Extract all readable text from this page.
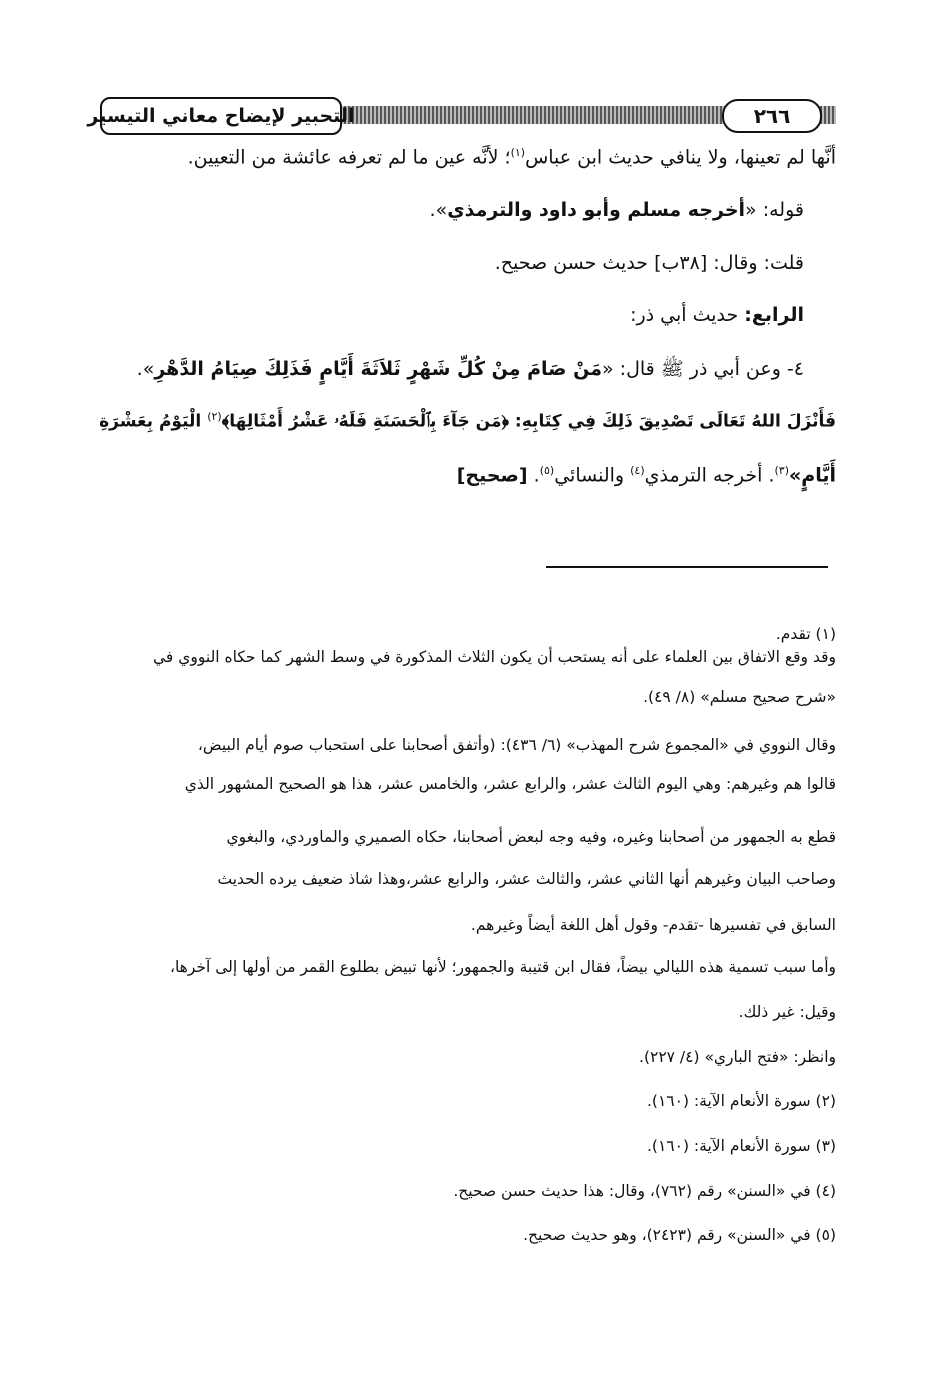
التحبير لإيضاح معاني التيسير	٢٦٦
أنَّها لم تعينها، ولا ينافي حديث ابن عباس$^{(١)}$؛ لأنَّه عين ما لم تعرفه عائشة من التعيين.
قوله: «أخرجه مسلم وأبو داود والترمذي».
قلت: وقال: [٣٨ب] حديث حسن صحيح.
الرابع: حديث أبي ذر:
٤- وعن أبي ذر ﷺ قال: «مَنْ صَامَ مِنْ كُلِّ شَهْرٍ ثَلاَثَةَ أَيَّامٍ فَذَلِكَ صِيَامُ الدَّهْرِ».
فَأَنْزَلَ اللهُ تَعَالَى تَصْدِيقَ ذَلِكَ فِي كِتَابِهِ: ﴿مَن جَآءَ بِٱلْحَسَنَةِ فَلَهُۥ عَشْرُ أَمْثَالِهَا﴾$^{(٢)}$ الْيَوْمُ بِعَشْرَةِ
أَيَّامٍ»$^{(٣)}$. أخرجه الترمذي$^{(٤)}$ والنسائي$^{(٥)}$. [صحيح]
(١) تقدم.
وقد وقع الاتفاق بين العلماء على أنه يستحب أن يكون الثلاث المذكورة في وسط الشهر كما حكاه النووي في
«شرح صحيح مسلم» (٨/ ٤٩).
وقال النووي في «المجموع شرح المهذب» (٦/ ٤٣٦): (وأتفق أصحابنا على استحباب صوم أيام البيض،
قالوا هم وغيرهم: وهي اليوم الثالث عشر، والرابع عشر، والخامس عشر، هذا هو الصحيح المشهور الذي
قطع به الجمهور من أصحابنا وغيره، وفيه وجه لبعض أصحابنا، حكاه الصميري والماوردي، والبغوي
وصاحب البيان وغيرهم أنها الثاني عشر، والثالث عشر، والرابع عشر،وهذا شاذ ضعيف يرده الحديث
السابق في تفسيرها -تقدم- وقول أهل اللغة أيضاً وغيرهم.
وأما سبب تسمية هذه الليالي بيضاً، فقال ابن قتيبة والجمهور؛ لأنها تبيض بطلوع القمر من أولها إلى آخرها،
وقيل: غير ذلك.
وانظر: «فتح الباري» (٤/ ٢٢٧).
(٢) سورة الأنعام الآية: (١٦٠).
(٣) سورة الأنعام الآية: (١٦٠).
(٤) في «السنن» رقم (٧٦٢)، وقال: هذا حديث حسن صحيح.
(٥) في «السنن» رقم (٢٤٢٣)، وهو حديث صحيح.
